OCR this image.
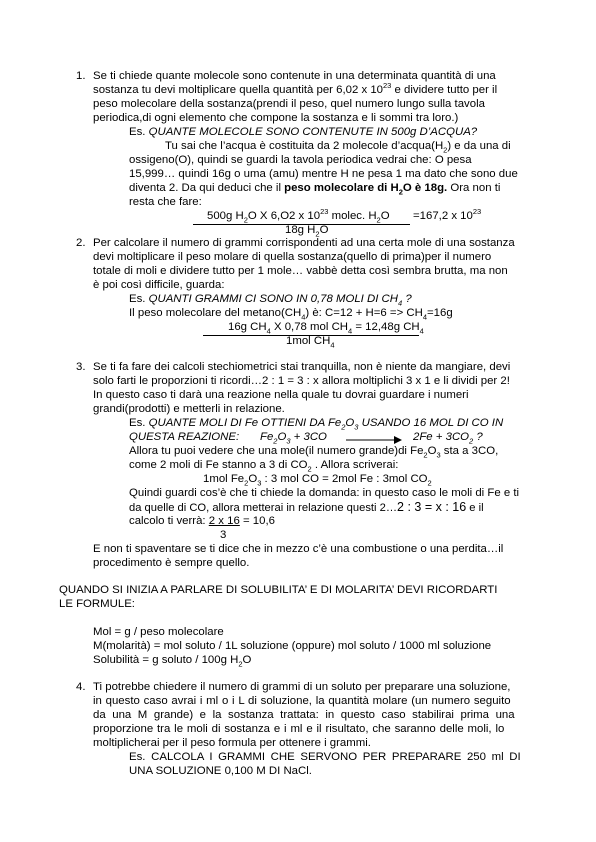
1. Se ti chiede quante molecole sono contenute in una determinata quantità di una
sostanza tu devi moltiplicare quella quantità per 6,02 x $10^{23}$ e dividere tutto per il
peso molecolare della sostanza(prendi il peso, quel numero lungo sulla tavola
periodica,di ogni elemento che compone la sostanza e li sommi tra loro.)
Es. QUANTE MOLECOLE SONO CONTENUTE IN 500g D’ACQUA?
Tu sai che l’acqua è costituita da 2 molecole $d’acqua(H_2)$ e da una di
ossigeno(O), quindi se guardi la tavola periodica vedrai che: O pesa
15,999… quindi 16g o uma (amu) mentre H ne pesa 1 ma dato che sono due
diventa 2. Da qui deduci che il peso molecolare di $H_2O$ è 18g. Ora non ti
resta che fare:
500g $H_2O$ X 6,O2 x $10^{23}$ molec. $H_2O =167,2$ x $10^{23}$
18g $H_2O$
2. Per calcolare il numero di grammi corrispondenti ad una certa mole di una sostanza
devi moltiplicare il peso molare di quella sostanza(quello di prima)per il numero
totale di moli e dividere tutto per 1 mole… vabbè detta così sembra brutta, ma non
è poi così difficile, guarda:
Es. QUANTI GRAMMI CI SONO IN 0,78 MOLI DI $CH_4$ ?
Il peso molecolare del $metano(CH_4)$ è: $C=12 + H=6 => CH_4=16g$
16g $CH_4$ X 0,78 mol $CH_4 = 12,48g$ $CH_4$
1mol $CH_4$
3. Se ti fa fare dei calcoli stechiometrici stai tranquilla, non è niente da mangiare, devi
solo farti le proporzioni ti ricordi…2 : 1 = 3 : x allora moltiplichi 3 x 1 e li dividi per 2!
In questo caso ti darà una reazione nella quale tu dovrai guardare i numeri
grandi(prodotti) e metterli in relazione.
Es. QUANTE MOLI DI Fe OTTIENI DA $Fe_2O_3$ USANDO 16 MOL DI CO IN
QUESTA REAZIONE: $Fe_2O_3 + 3CO$	$2Fe + 3CO_2$ ?
Allora tu puoi vedere che una mole(il numero grande)di $Fe_2O_3$ sta a 3CO,
come 2 moli di Fe stanno a 3 di $CO_2$ . Allora scriverai:
1mol $Fe_2O_3$ : 3 mol CO = 2mol Fe : 3mol $CO_2$
Quindi guardi cos’è che ti chiede la domanda: in questo caso le moli di Fe e ti
da quelle di CO, allora metterai in relazione questi 2…2 : 3 = x : 16 e il
calcolo ti verrà: 2 x 16 = 10,6
3
E non ti spaventare se ti dice che in mezzo c’è una combustione o una perdita…il
procedimento è sempre quello.
QUANDO SI INIZIA A PARLARE DI SOLUBILITA’ E DI MOLARITA’ DEVI RICORDARTI
LE FORMULE:
Mol = g / peso molecolare
M(molarità) = mol soluto / 1L soluzione (oppure) mol soluto / 1000 ml soluzione
Solubilità = g soluto / 100g $H_2O$
4. Ti potrebbe chiedere il numero di grammi di un soluto per preparare una soluzione,
in questo caso avrai i ml o i L di soluzione, la quantità molare (un numero seguito
da una M grande) e la sostanza trattata: in questo caso stabilirai prima una
proporzione tra le moli di sostanza e i ml e il risultato, che saranno delle moli, lo
moltiplicherai per il peso formula per ottenere i grammi.
Es. CALCOLA I GRAMMI CHE SERVONO PER PREPARARE 250 ml DI
UNA SOLUZIONE 0,100 M DI NaCl.
